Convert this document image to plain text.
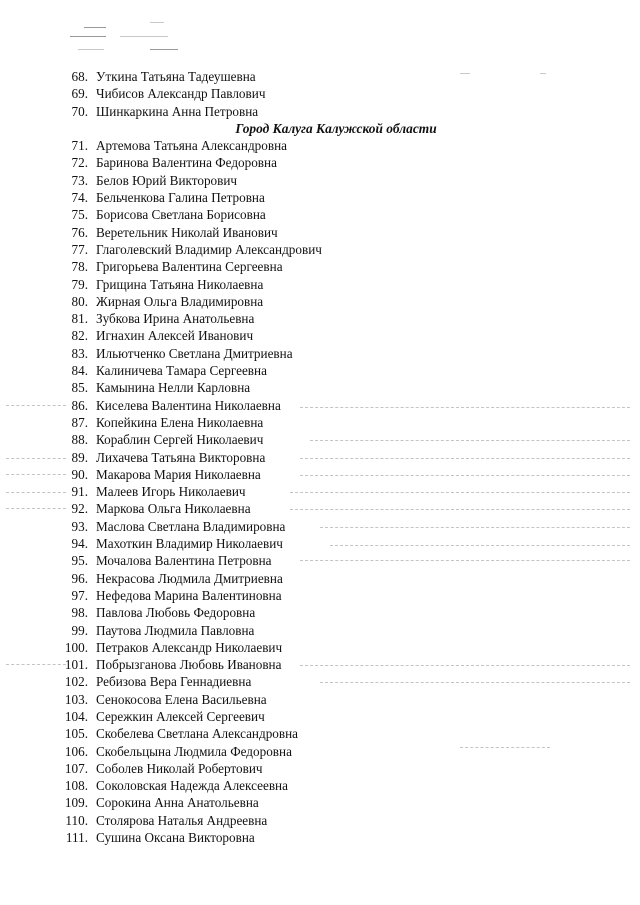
68. Уткина Татьяна Тадеушевна
69. Чибисов Александр Павлович
70. Шинкаркина Анна Петровна
Город Калуга Калужской области
71. Артемова Татьяна Александровна
72. Баринова Валентина Федоровна
73. Белов Юрий Викторович
74. Бельченкова Галина Петровна
75. Борисова Светлана Борисовна
76. Веретельник Николай Иванович
77. Глаголевский Владимир Александрович
78. Григорьева Валентина Сергеевна
79. Грищина Татьяна Николаевна
80. Жирная Ольга Владимировна
81. Зубкова Ирина Анатольевна
82. Игнахин Алексей Иванович
83. Ильютченко Светлана Дмитриевна
84. Калиничева Тамара Сергеевна
85. Камынина Нелли Карловна
86. Киселева Валентина Николаевна
87. Копейкина Елена Николаевна
88. Кораблин Сергей Николаевич
89. Лихачева Татьяна Викторовна
90. Макарова Мария Николаевна
91. Малеев Игорь Николаевич
92. Маркова Ольга Николаевна
93. Маслова Светлана Владимировна
94. Махоткин Владимир Николаевич
95. Мочалова Валентина Петровна
96. Некрасова Людмила Дмитриевна
97. Нефедова Марина Валентиновна
98. Павлова Любовь Федоровна
99. Паутова Людмила Павловна
100. Петраков Александр Николаевич
101. Побрызганова Любовь Ивановна
102. Ребизова Вера Геннадиевна
103. Сенокосова Елена Васильевна
104. Сережкин Алексей Сергеевич
105. Скобелева Светлана Александровна
106. Скобельцына Людмила Федоровна
107. Соболев Николай Робертович
108. Соколовская Надежда Алексеевна
109. Сорокина Анна Анатольевна
110. Столярова Наталья Андреевна
111. Сушина Оксана Викторовна
